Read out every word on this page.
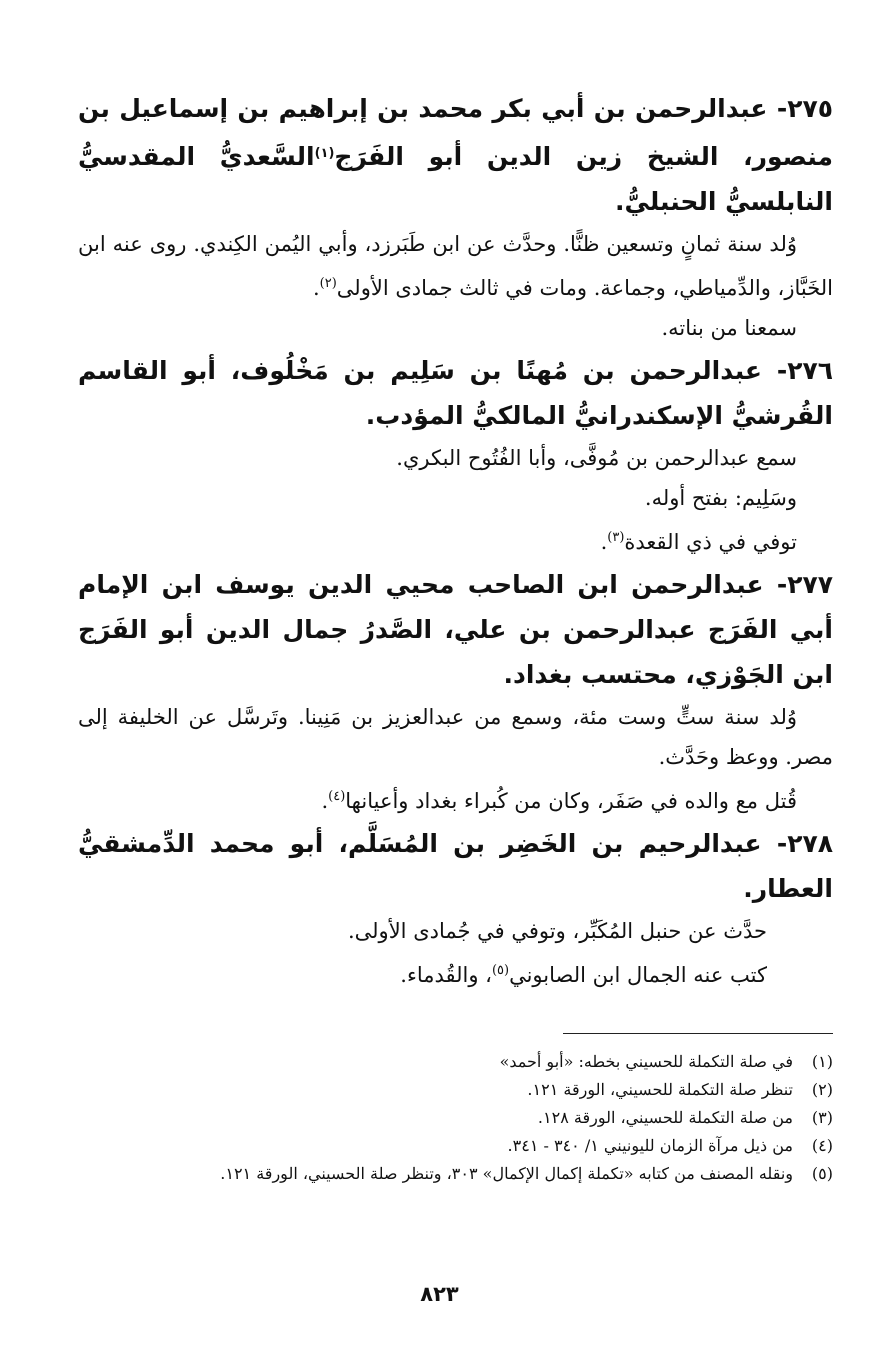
٢٧٥- عبدالرحمن بن أبي بكر محمد بن إبراهيم بن إسماعيل بن منصور، الشيخ زين الدين أبو الفَرَج$^{(١)}$السَّعديُّ المقدسيُّ النابلسيُّ الحنبليُّ.

وُلد سنة ثمانٍ وتسعين ظنًّا. وحدَّث عن ابن طَبَرزد، وأبي اليُمن الكِندي. روى عنه ابن الخَبَّاز، والدِّمياطي، وجماعة. ومات في ثالث جمادى الأولى$^{(٢)}$.

سمعنا من بناته.

٢٧٦- عبدالرحمن بن مُهنًا بن سَلِيم بن مَخْلُوف، أبو القاسم القُرشيُّ الإسكندرانيُّ المالكيُّ المؤدب.

سمع عبدالرحمن بن مُوفَّى، وأبا الفُتُوح البكري.

وسَلِيم: بفتح أوله.

توفي في ذي القعدة$^{(٣)}$.

٢٧٧- عبدالرحمن ابن الصاحب محيي الدين يوسف ابن الإمام أبي الفَرَج عبدالرحمن بن علي، الصَّدرُ جمال الدين أبو الفَرَج ابن الجَوْزي، محتسب بغداد.

وُلد سنة ستٍّ وست مئة، وسمع من عبدالعزيز بن مَنِينا. وتَرسَّل عن الخليفة إلى مصر. ووعظ وحَدَّث.

قُتل مع والده في صَفَر، وكان من كُبراء بغداد وأعيانها$^{(٤)}$.

٢٧٨- عبدالرحيم بن الخَضِر بن المُسَلَّم، أبو محمد الدِّمشقيُّ العطار.

حدَّث عن حنبل المُكَبِّر، وتوفي في جُمادى الأولى.

كتب عنه الجمال ابن الصابوني$^{(٥)}$، والقُدماء.

(١)
في صلة التكملة للحسيني بخطه: «أبو أحمد»

(٢)
تنظر صلة التكملة للحسيني، الورقة ١٢١.

(٣)
من صلة التكملة للحسيني، الورقة ١٢٨.

(٤)
من ذيل مرآة الزمان لليونيني ١/ ٣٤٠ - ٣٤١.

(٥)
ونقله المصنف من كتابه «تكملة إكمال الإكمال» ٣٠٣، وتنظر صلة الحسيني، الورقة ١٢١.

٨٢٣
